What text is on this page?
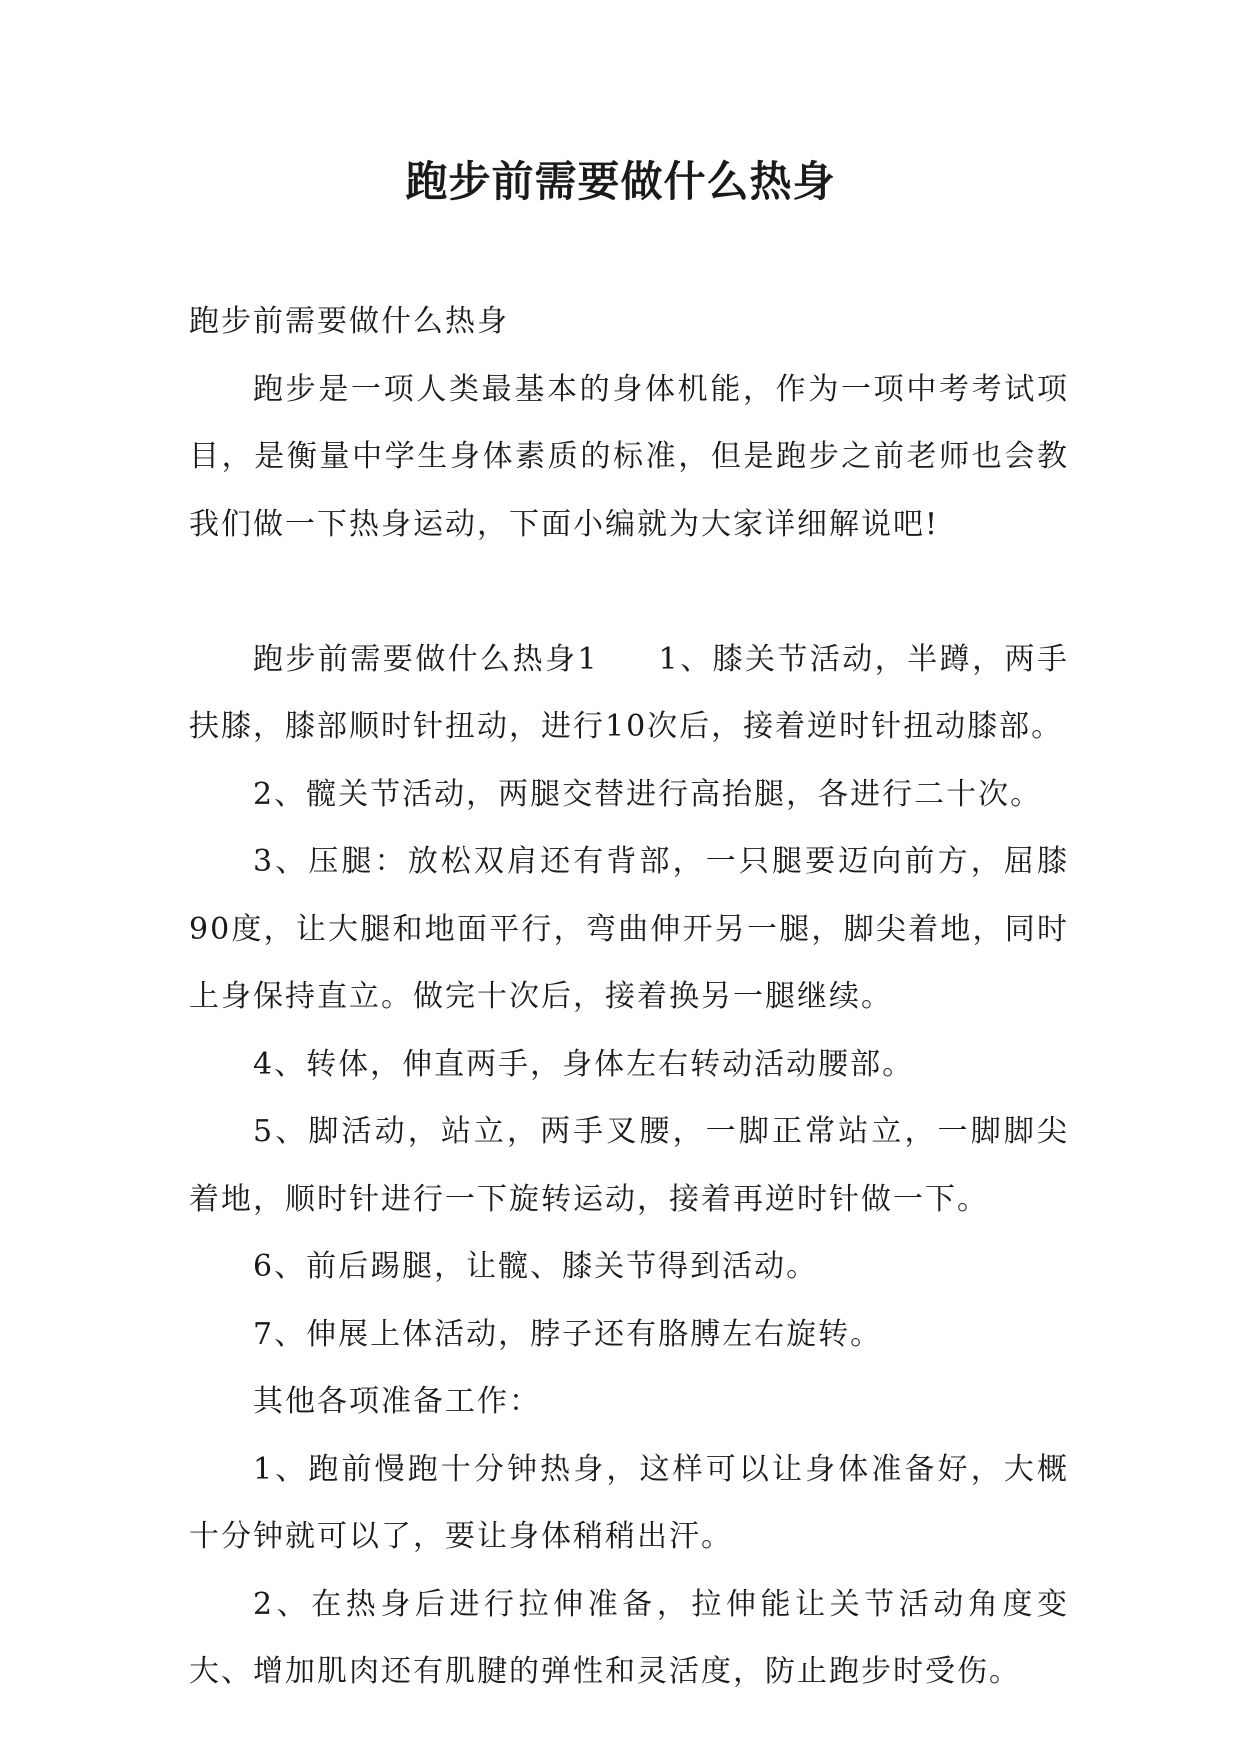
跑步前需要做什么热身

跑步前需要做什么热身

跑步是一项人类最基本的身体机能，作为一项中考考试项目，是衡量中学生身体素质的标准，但是跑步之前老师也会教我们做一下热身运动，下面小编就为大家详细解说吧!

跑步前需要做什么热身1 1、膝关节活动，半蹲，两手扶膝，膝部顺时针扭动，进行10次后，接着逆时针扭动膝部。

2、髋关节活动，两腿交替进行高抬腿，各进行二十次。

3、压腿：放松双肩还有背部，一只腿要迈向前方，屈膝90度，让大腿和地面平行，弯曲伸开另一腿，脚尖着地，同时上身保持直立。做完十次后，接着换另一腿继续。

4、转体，伸直两手，身体左右转动活动腰部。

5、脚活动，站立，两手叉腰，一脚正常站立，一脚脚尖着地，顺时针进行一下旋转运动，接着再逆时针做一下。

6、前后踢腿，让髋、膝关节得到活动。

7、伸展上体活动，脖子还有胳膊左右旋转。

其他各项准备工作：

1、跑前慢跑十分钟热身，这样可以让身体准备好，大概十分钟就可以了，要让身体稍稍出汗。

2、在热身后进行拉伸准备，拉伸能让关节活动角度变大、增加肌肉还有肌腱的弹性和灵活度，防止跑步时受伤。
